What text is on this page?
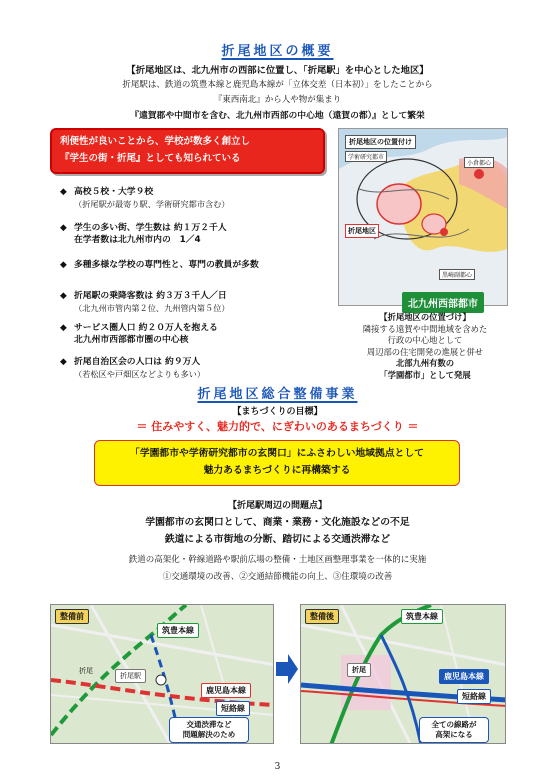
折尾地区の概要
【折尾地区は、北九州市の西部に位置し、「折尾駅」を中心とした地区】
折尾駅は、鉄道の筑豊本線と鹿児島本線が「立体交差（日本初）」をしたことから
『東西南北』から人や物が集まり
『遠賀郡や中間市を含む、北九州市西部の中心地（遠賀の都）』として繁栄
利便性が良いことから、学校が数多く創立し
『学生の街・折尾』としても知られている
◆ 高校５校・大学９校
（折尾駅が最寄り駅、学術研究都市含む）
◆ 学生の多い街、学生数は 約１万２千人
在学者数は北九州市内の　1／4
◆ 多種多様な学校の専門性と、専門の教員が多数
◆ 折尾駅の乗降客数は 約３万３千人／日
（北九州市管内第２位、九州管内第５位）
◆ サービス圏人口 約２０万人を抱える
北九州市西部都市圏の中心核
◆ 折尾自治区会の人口は 約９万人
（若松区や戸畑区などよりも多い）
折尾地区の位置付け
学術研究都市
折尾地区
小倉都心
黒崎副都心
北九州西部都市
【折尾地区の位置づけ】
隣接する遠賀や中間地域を含めた
行政の中心地として
周辺部の住宅開発の進展と併せ
北部九州有数の
「学園都市」として発展
折尾地区総合整備事業
【まちづくりの目標】
＝ 住みやすく、魅力的で、にぎわいのあるまちづくり ＝
「学園都市や学術研究都市の玄関口」にふさわしい地域拠点として
魅力あるまちづくりに再構築する
【折尾駅周辺の問題点】
学園都市の玄関口として、商業・業務・文化施設などの不足
鉄道による市街地の分断、踏切による交通渋滞など
鉄道の高架化・幹線道路や駅前広場の整備・土地区画整理事業を一体的に実施
①交通環境の改善、②交通結節機能の向上、③住環境の改善
整備前
筑豊本線
鹿児島本線
短絡線
折尾駅
折尾
交通渋滞など
問題解決のため
整備後	筑豊本線
鹿児島本線
短絡線
折尾
全ての線路が
高架になる
3
